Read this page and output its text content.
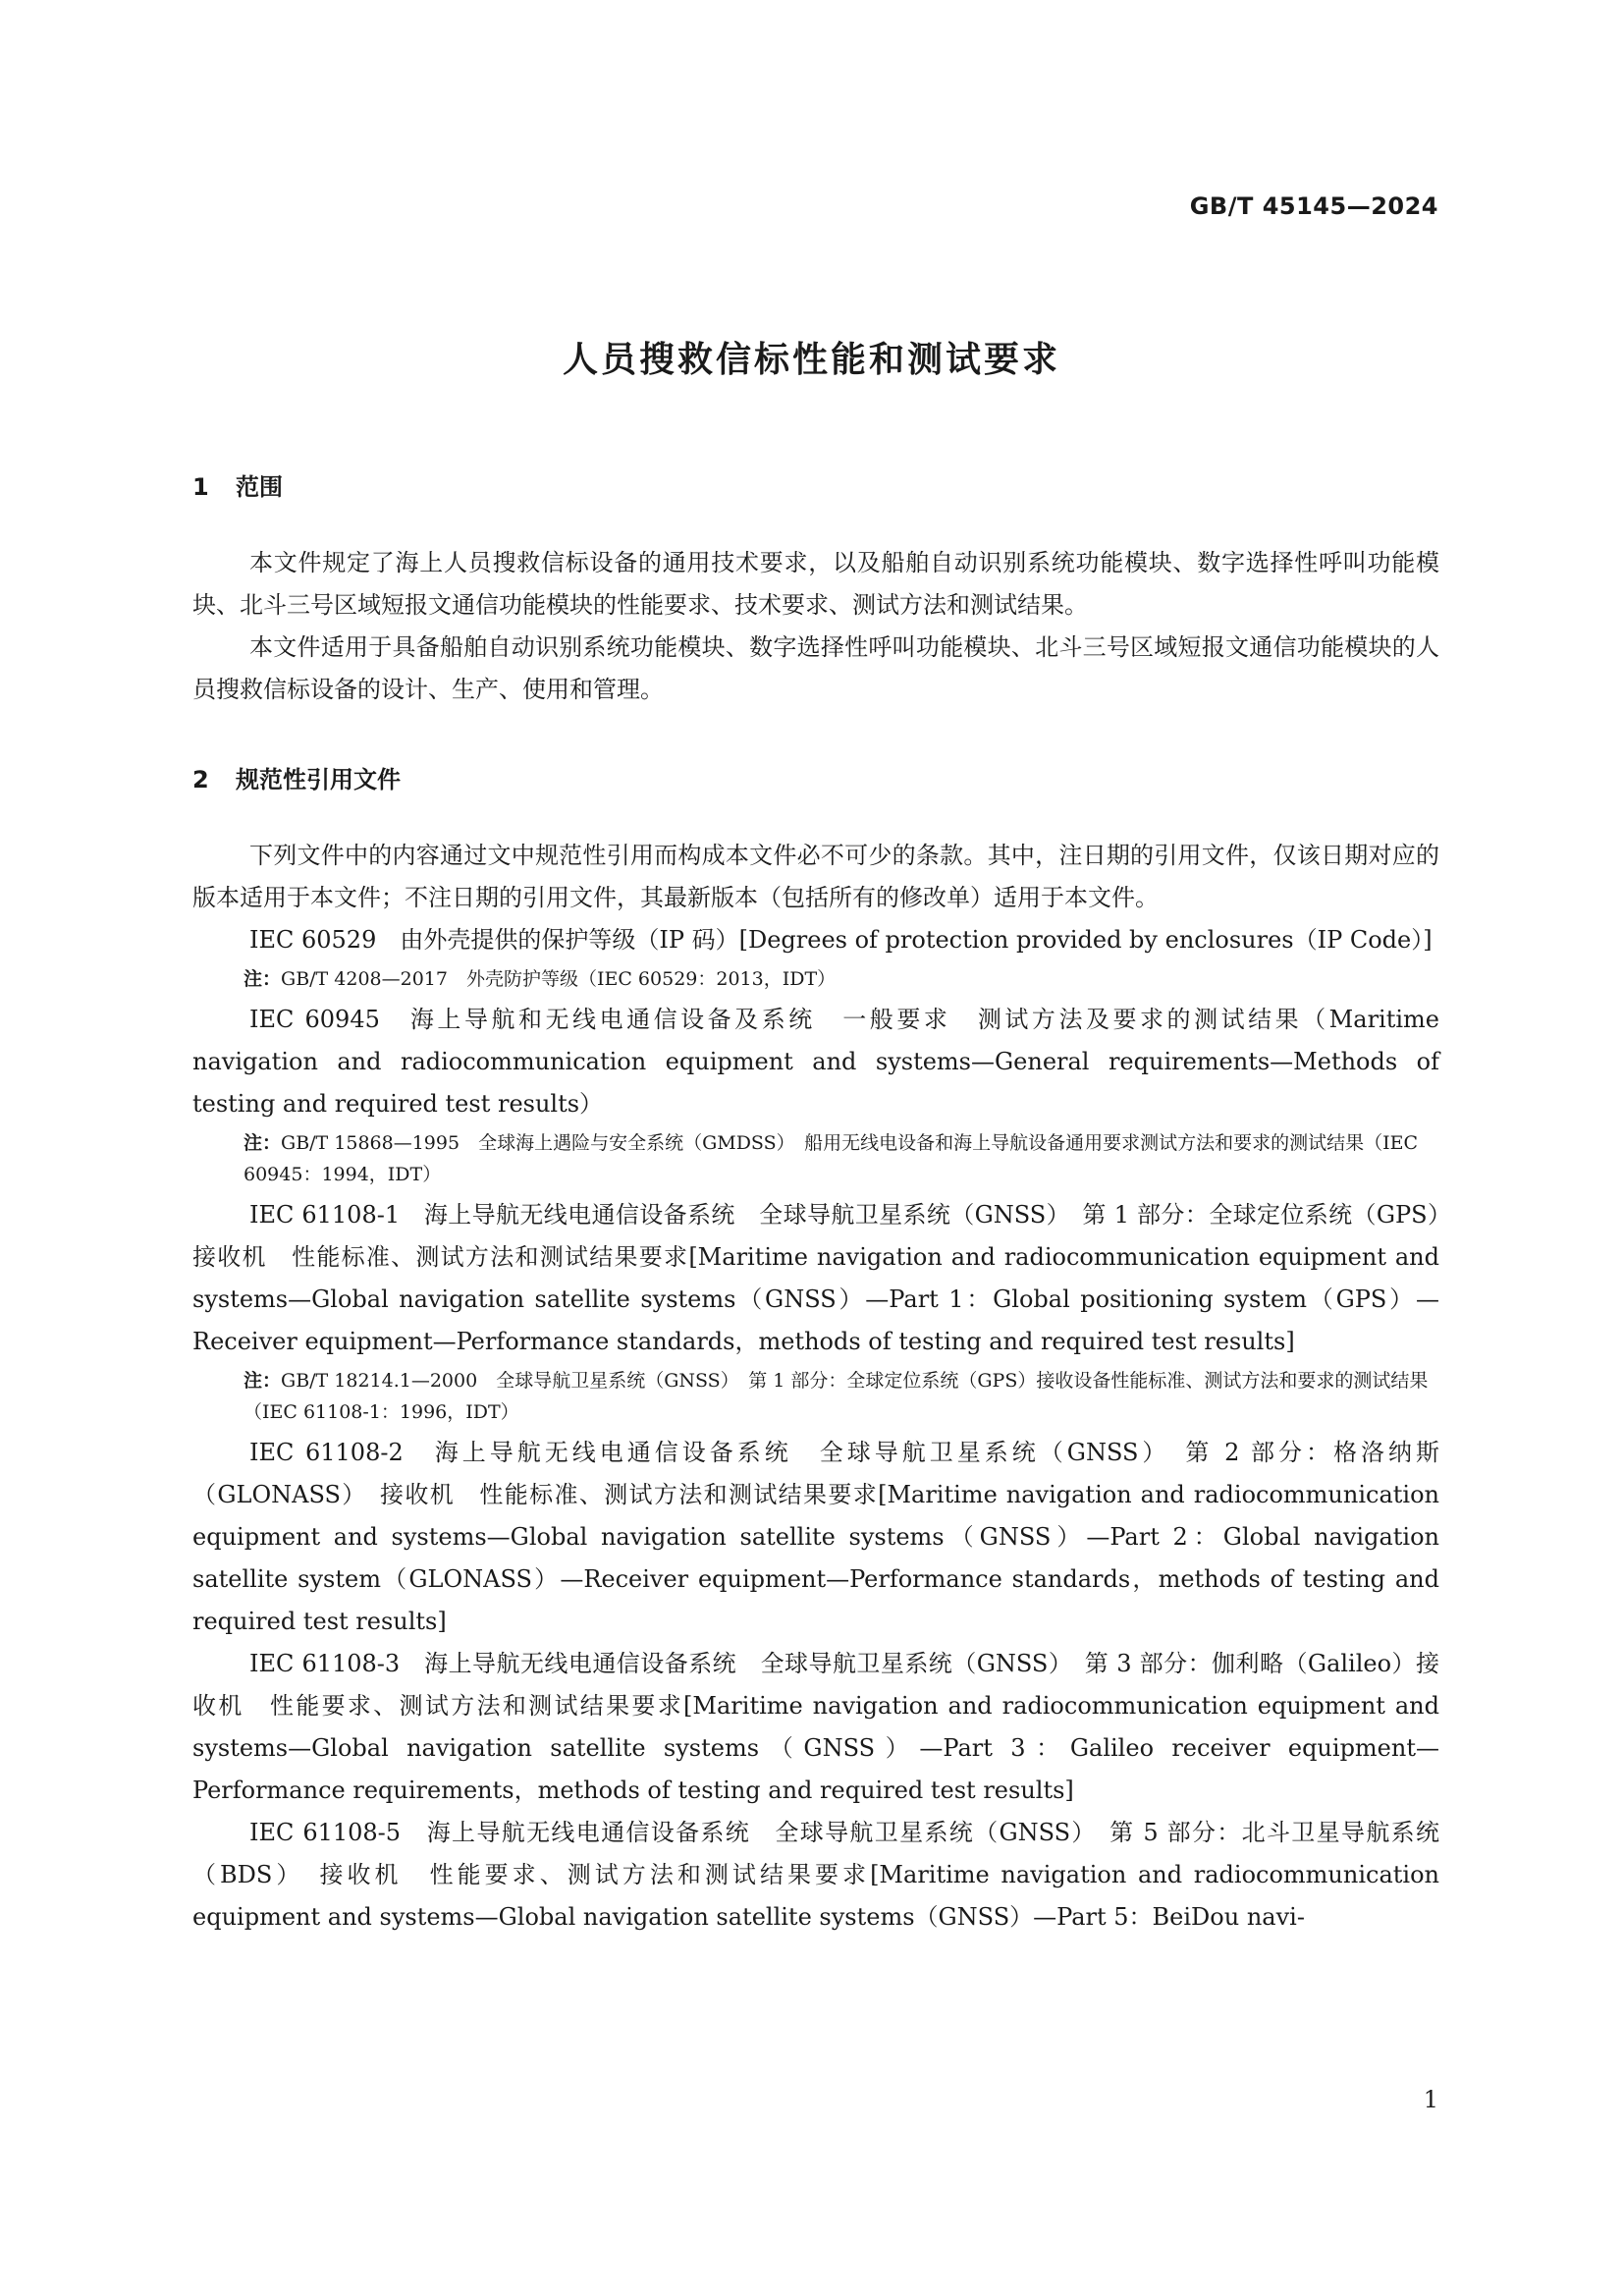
GB/T 45145—2024
人员搜救信标性能和测试要求
1 范围

本文件规定了海上人员搜救信标设备的通用技术要求，以及船舶自动识别系统功能模块、数字选择性呼叫功能模块、北斗三号区域短报文通信功能模块的性能要求、技术要求、测试方法和测试结果。

本文件适用于具备船舶自动识别系统功能模块、数字选择性呼叫功能模块、北斗三号区域短报文通信功能模块的人员搜救信标设备的设计、生产、使用和管理。

2 规范性引用文件

下列文件中的内容通过文中规范性引用而构成本文件必不可少的条款。其中，注日期的引用文件，仅该日期对应的版本适用于本文件；不注日期的引用文件，其最新版本（包括所有的修改单）适用于本文件。

IEC 60529　由外壳提供的保护等级（IP 码）[Degrees of protection provided by enclosures（IP Code）]

注：GB/T 4208—2017　外壳防护等级（IEC 60529：2013，IDT）

IEC 60945　海上导航和无线电通信设备及系统　一般要求　测试方法及要求的测试结果（Maritime navigation and radiocommunication equipment and systems—General requirements—Methods of testing and required test results）

注：GB/T 15868—1995　全球海上遇险与安全系统（GMDSS）　船用无线电设备和海上导航设备通用要求测试方法和要求的测试结果（IEC 60945：1994，IDT）

IEC 61108-1　海上导航无线电通信设备系统　全球导航卫星系统（GNSS）　第 1 部分：全球定位系统（GPS）　接收机　性能标准、测试方法和测试结果要求[Maritime navigation and radiocommunication equipment and systems—Global navigation satellite systems（GNSS）—Part 1：Global positioning system（GPS）—Receiver equipment—Performance standards，methods of testing and required test results]

注：GB/T 18214.1—2000　全球导航卫星系统（GNSS）　第 1 部分：全球定位系统（GPS）接收设备性能标准、测试方法和要求的测试结果（IEC 61108-1：1996，IDT）

IEC 61108-2　海上导航无线电通信设备系统　全球导航卫星系统（GNSS）　第 2 部分：格洛纳斯（GLONASS）　接收机　性能标准、测试方法和测试结果要求[Maritime navigation and radiocommunication equipment and systems—Global navigation satellite systems（GNSS）—Part 2：Global navigation satellite system（GLONASS）—Receiver equipment—Performance standards，methods of testing and required test results]

IEC 61108-3　海上导航无线电通信设备系统　全球导航卫星系统（GNSS）　第 3 部分：伽利略（Galileo）接收机　性能要求、测试方法和测试结果要求[Maritime navigation and radiocommunication equipment and systems—Global navigation satellite systems（GNSS）—Part 3：Galileo receiver equipment—Performance requirements，methods of testing and required test results]

IEC 61108-5　海上导航无线电通信设备系统　全球导航卫星系统（GNSS）　第 5 部分：北斗卫星导航系统（BDS）　接收机　性能要求、测试方法和测试结果要求[Maritime navigation and radiocommunication equipment and systems—Global navigation satellite systems（GNSS）—Part 5：BeiDou navi-

1
